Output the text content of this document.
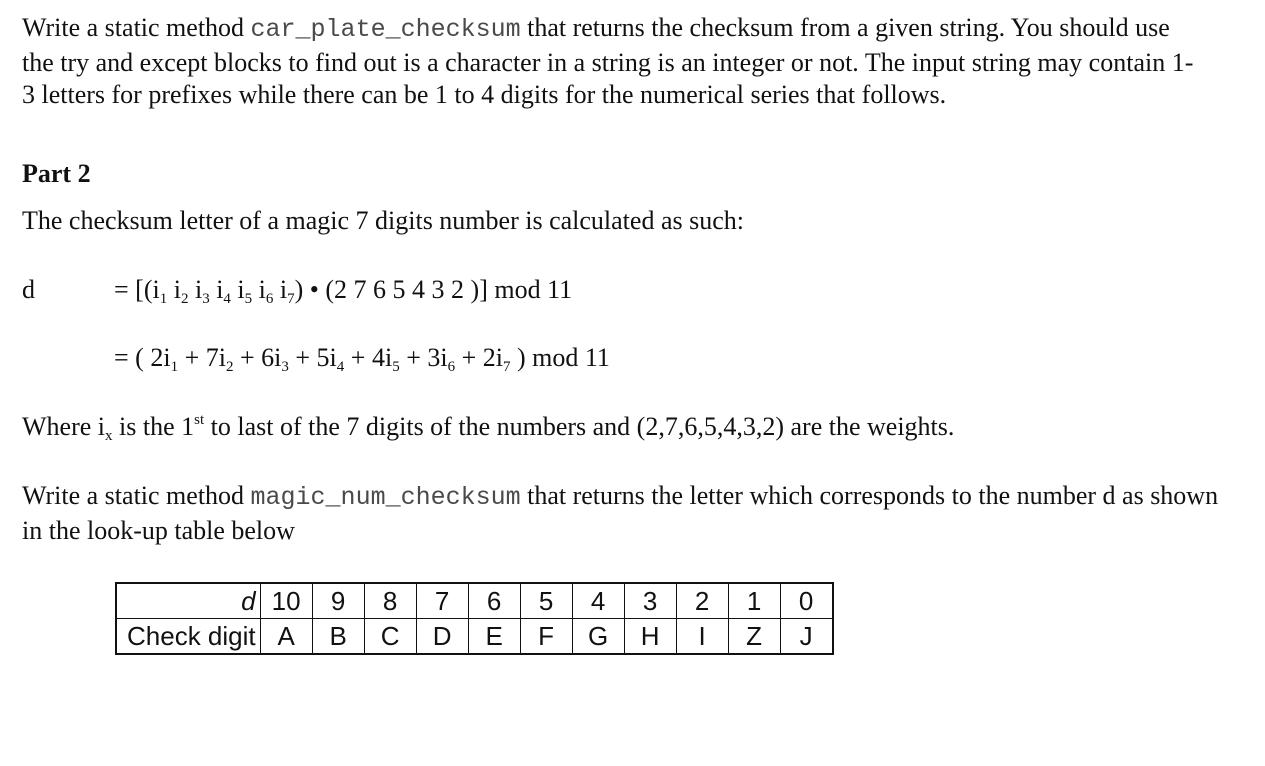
Write a static method car_plate_checksum that returns the checksum from a given string. You should use the try and except blocks to find out is a character in a string is an integer or not. The input string may contain 1-3 letters for prefixes while there can be 1 to 4 digits for the numerical series that follows.

Part 2

The checksum letter of a magic 7 digits number is calculated as such:

d	= [($i_1$ $i_2$ $i_3$ $i_4$ $i_5$ $i_6$ $i_7$) • (2 7 6 5 4 3 2 )] mod 11
= ( $2i_1 + 7i_2 + 6i_3 + 5i_4 + 4i_5 + 3i_6 + 2i_7$ ) mod 11

Where $i_x$ is the 1st to last of the 7 digits of the numbers and (2,7,6,5,4,3,2) are the weights.

Write a static method magic_num_checksum that returns the letter which corresponds to the number d as shown in the look-up table below

d	10	9	8	7	6	5	4	3	2	1	0
Check digit	A	B	C	D	E	F	G	H	I	Z	J
